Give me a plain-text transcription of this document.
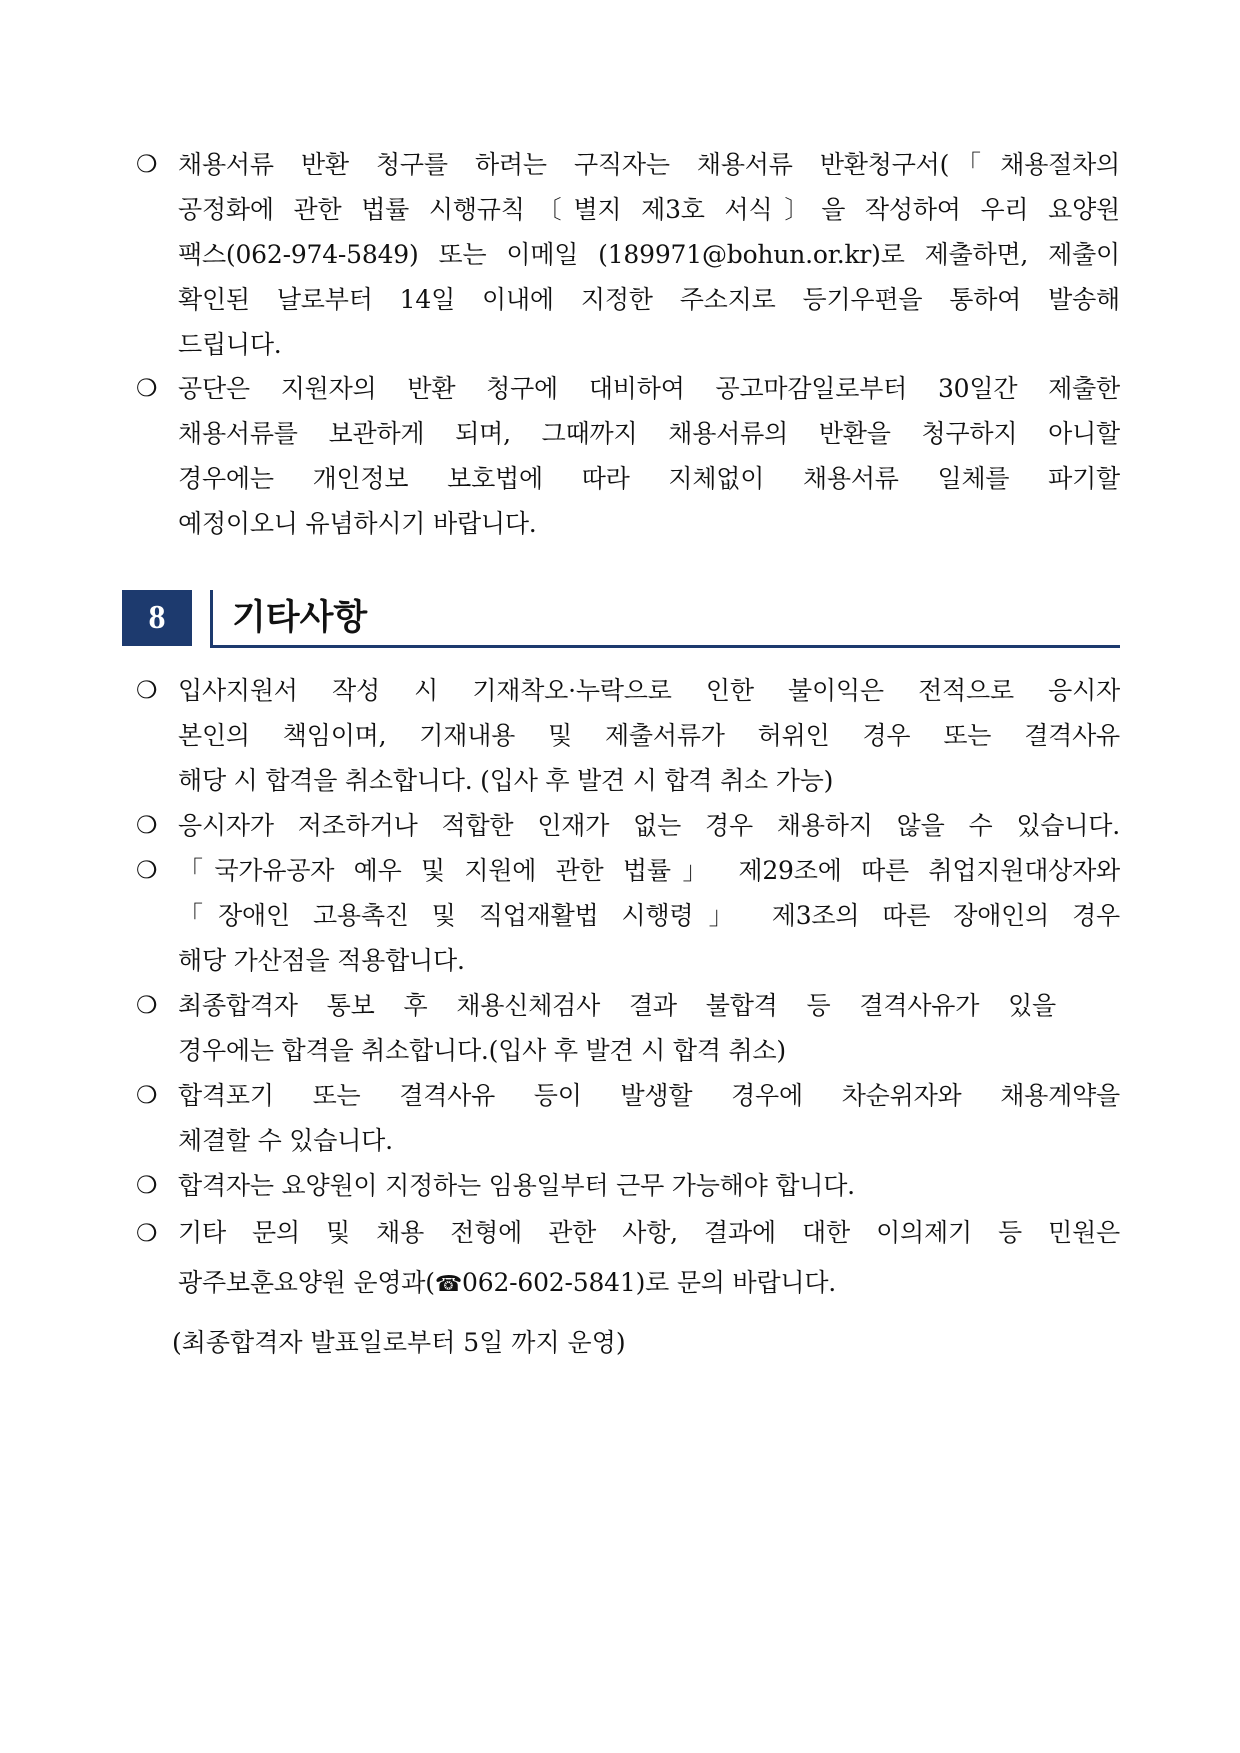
❍ 채용서류 반환 청구를 하려는 구직자는 채용서류 반환청구서(「채용절차의
공정화에 관한 법률 시행규칙〔별지 제3호 서식〕을 작성하여 우리 요양원
팩스(062-974-5849) 또는 이메일 (189971@bohun.or.kr)로 제출하면, 제출이
확인된 날로부터 14일 이내에 지정한 주소지로 등기우편을 통하여 발송해
드립니다.
❍ 공단은 지원자의 반환 청구에 대비하여 공고마감일로부터 30일간 제출한
채용서류를 보관하게 되며, 그때까지 채용서류의 반환을 청구하지 아니할
경우에는 개인정보 보호법에 따라 지체없이 채용서류 일체를 파기할
예정이오니 유념하시기 바랍니다.
8	기타사항
❍ 입사지원서 작성 시 기재착오·누락으로 인한 불이익은 전적으로 응시자
본인의 책임이며, 기재내용 및 제출서류가 허위인 경우 또는 결격사유
해당 시 합격을 취소합니다. (입사 후 발견 시 합격 취소 가능)
❍ 응시자가 저조하거나 적합한 인재가 없는 경우 채용하지 않을 수 있습니다.
❍ 「국가유공자 예우 및 지원에 관한 법률」 제29조에 따른 취업지원대상자와
「장애인 고용촉진 및 직업재활법 시행령」 제3조의 따른 장애인의 경우
해당 가산점을 적용합니다.
❍ 최종합격자 통보 후 채용신체검사 결과 불합격 등 결격사유가 있을
경우에는 합격을 취소합니다.(입사 후 발견 시 합격 취소)
❍ 합격포기 또는 결격사유 등이 발생할 경우에 차순위자와 채용계약을
체결할 수 있습니다.
❍ 합격자는 요양원이 지정하는 임용일부터 근무 가능해야 합니다.
❍ 기타 문의 및 채용 전형에 관한 사항, 결과에 대한 이의제기 등 민원은
광주보훈요양원 운영과(☎062-602-5841)로 문의 바랍니다.
(최종합격자 발표일로부터 5일 까지 운영)
